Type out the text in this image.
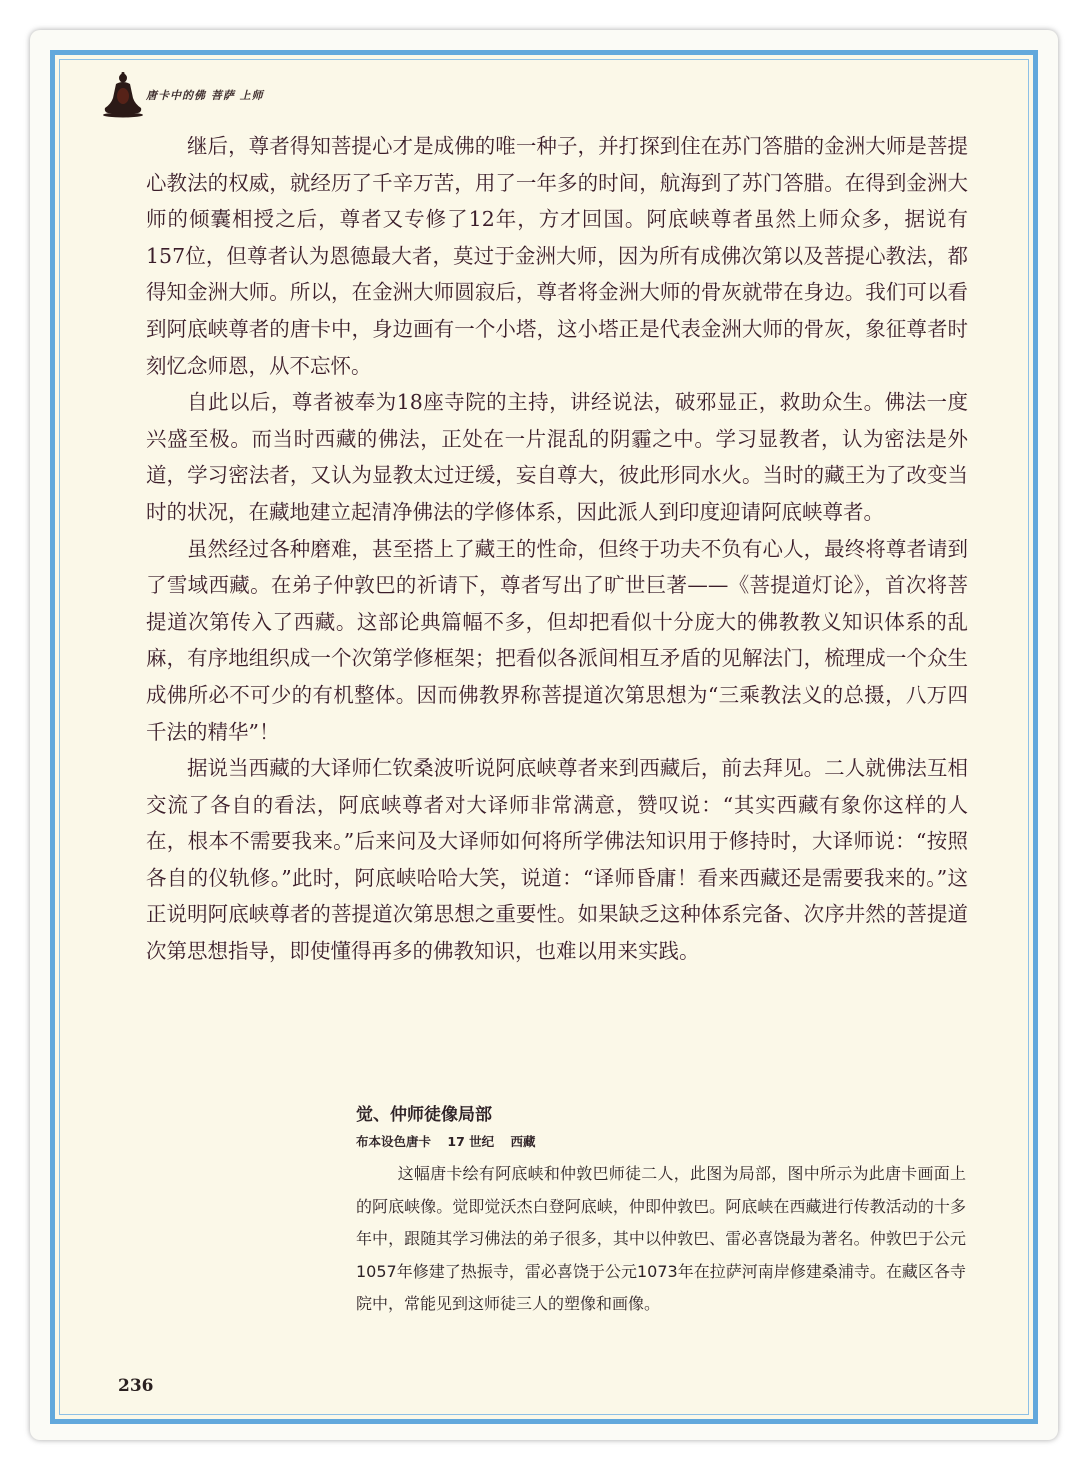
唐卡中的佛 菩萨 上师

继后，尊者得知菩提心才是成佛的唯一种子，并打探到住在苏门答腊的金洲大师是菩提心教法的权威，就经历了千辛万苦，用了一年多的时间，航海到了苏门答腊。在得到金洲大师的倾囊相授之后，尊者又专修了12年，方才回国。阿底峡尊者虽然上师众多，据说有157位，但尊者认为恩德最大者，莫过于金洲大师，因为所有成佛次第以及菩提心教法，都得知金洲大师。所以，在金洲大师圆寂后，尊者将金洲大师的骨灰就带在身边。我们可以看到阿底峡尊者的唐卡中，身边画有一个小塔，这小塔正是代表金洲大师的骨灰，象征尊者时刻忆念师恩，从不忘怀。

自此以后，尊者被奉为18座寺院的主持，讲经说法，破邪显正，救助众生。佛法一度兴盛至极。而当时西藏的佛法，正处在一片混乱的阴霾之中。学习显教者，认为密法是外道，学习密法者，又认为显教太过迂缓，妄自尊大，彼此形同水火。当时的藏王为了改变当时的状况，在藏地建立起清净佛法的学修体系，因此派人到印度迎请阿底峡尊者。

虽然经过各种磨难，甚至搭上了藏王的性命，但终于功夫不负有心人，最终将尊者请到了雪域西藏。在弟子仲敦巴的祈请下，尊者写出了旷世巨著——《菩提道灯论》，首次将菩提道次第传入了西藏。这部论典篇幅不多，但却把看似十分庞大的佛教教义知识体系的乱麻，有序地组织成一个次第学修框架；把看似各派间相互矛盾的见解法门，梳理成一个众生成佛所必不可少的有机整体。因而佛教界称菩提道次第思想为“三乘教法义的总摄，八万四千法的精华”！

据说当西藏的大译师仁钦桑波听说阿底峡尊者来到西藏后，前去拜见。二人就佛法互相交流了各自的看法，阿底峡尊者对大译师非常满意，赞叹说：“其实西藏有象你这样的人在，根本不需要我来。”后来问及大译师如何将所学佛法知识用于修持时，大译师说：“按照各自的仪轨修。”此时，阿底峡哈哈大笑，说道：“译师昏庸！看来西藏还是需要我来的。”这正说明阿底峡尊者的菩提道次第思想之重要性。如果缺乏这种体系完备、次序井然的菩提道次第思想指导，即使懂得再多的佛教知识，也难以用来实践。

觉、仲师徒像局部
布本设色唐卡 17 世纪 西藏
这幅唐卡绘有阿底峡和仲敦巴师徒二人，此图为局部，图中所示为此唐卡画面上的阿底峡像。觉即觉沃杰白登阿底峡，仲即仲敦巴。阿底峡在西藏进行传教活动的十多年中，跟随其学习佛法的弟子很多，其中以仲敦巴、雷必喜饶最为著名。仲敦巴于公元1057年修建了热振寺，雷必喜饶于公元1073年在拉萨河南岸修建桑浦寺。在藏区各寺院中，常能见到这师徒三人的塑像和画像。
236
